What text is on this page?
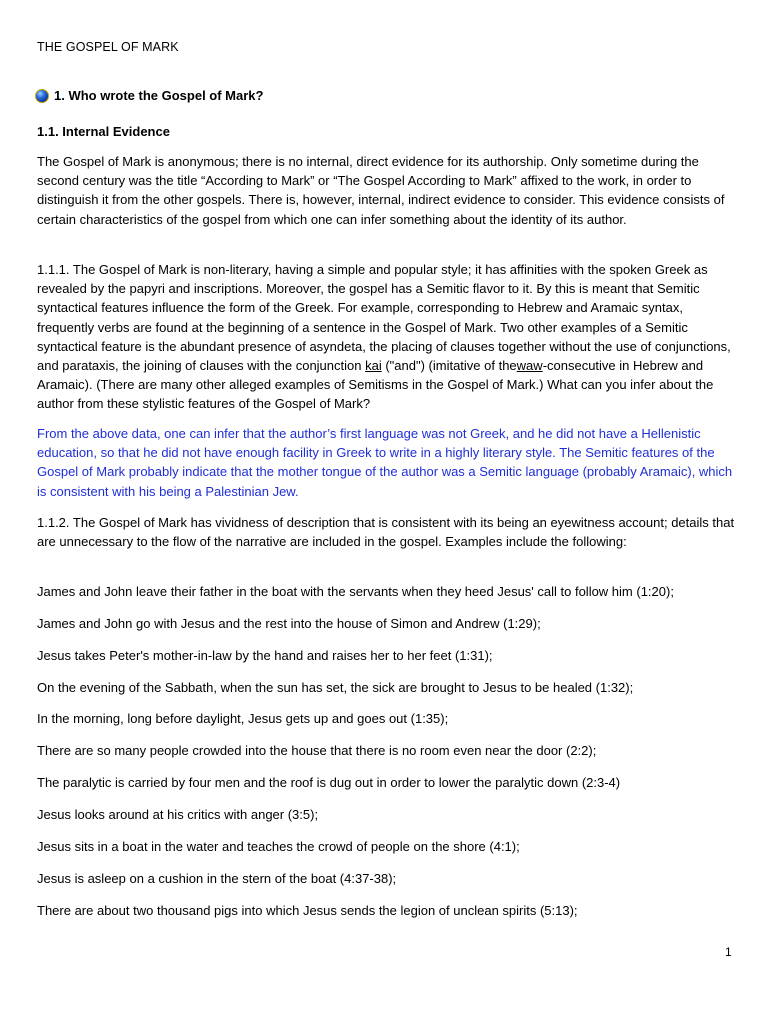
THE GOSPEL OF MARK
1. Who wrote the Gospel of Mark?
1.1. Internal Evidence
The Gospel of Mark is anonymous; there is no internal, direct evidence for its authorship. Only sometime during the second century was the title “According to Mark” or “The Gospel According to Mark” affixed to the work, in order to distinguish it from the other gospels. There is, however, internal, indirect evidence to consider. This evidence consists of certain characteristics of the gospel from which one can infer something about the identity of its author.
1.1.1. The Gospel of Mark is non-literary, having a simple and popular style; it has affinities with the spoken Greek as revealed by the papyri and inscriptions. Moreover, the gospel has a Semitic flavor to it. By this is meant that Semitic syntactical features influence the form of the Greek. For example, corresponding to Hebrew and Aramaic syntax, frequently verbs are found at the beginning of a sentence in the Gospel of Mark. Two other examples of a Semitic syntactical feature is the abundant presence of asyndeta, the placing of clauses together without the use of conjunctions, and parataxis, the joining of clauses with the conjunction kai ("and") (imitative of thewaw-consecutive in Hebrew and Aramaic). (There are many other alleged examples of Semitisms in the Gospel of Mark.) What can you infer about the author from these stylistic features of the Gospel of Mark?
From the above data, one can infer that the author’s first language was not Greek, and he did not have a Hellenistic education, so that he did not have enough facility in Greek to write in a highly literary style. The Semitic features of the Gospel of Mark probably indicate that the mother tongue of the author was a Semitic language (probably Aramaic), which is consistent with his being a Palestinian Jew.
1.1.2. The Gospel of Mark has vividness of description that is consistent with its being an eyewitness account; details that are unnecessary to the flow of the narrative are included in the gospel. Examples include the following:
James and John leave their father in the boat with the servants when they heed Jesus' call to follow him (1:20);
James and John go with Jesus and the rest into the house of Simon and Andrew (1:29);
Jesus takes Peter's mother-in-law by the hand and raises her to her feet (1:31);
On the evening of the Sabbath, when the sun has set, the sick are brought to Jesus to be healed (1:32);
In the morning, long before daylight, Jesus gets up and goes out (1:35);
There are so many people crowded into the house that there is no room even near the door (2:2);
The paralytic is carried by four men and the roof is dug out in order to lower the paralytic down (2:3-4)
Jesus looks around at his critics with anger (3:5);
Jesus sits in a boat in the water and teaches the crowd of people on the shore (4:1);
Jesus is asleep on a cushion in the stern of the boat (4:37-38);
There are about two thousand pigs into which Jesus sends the legion of unclean spirits (5:13);
1
